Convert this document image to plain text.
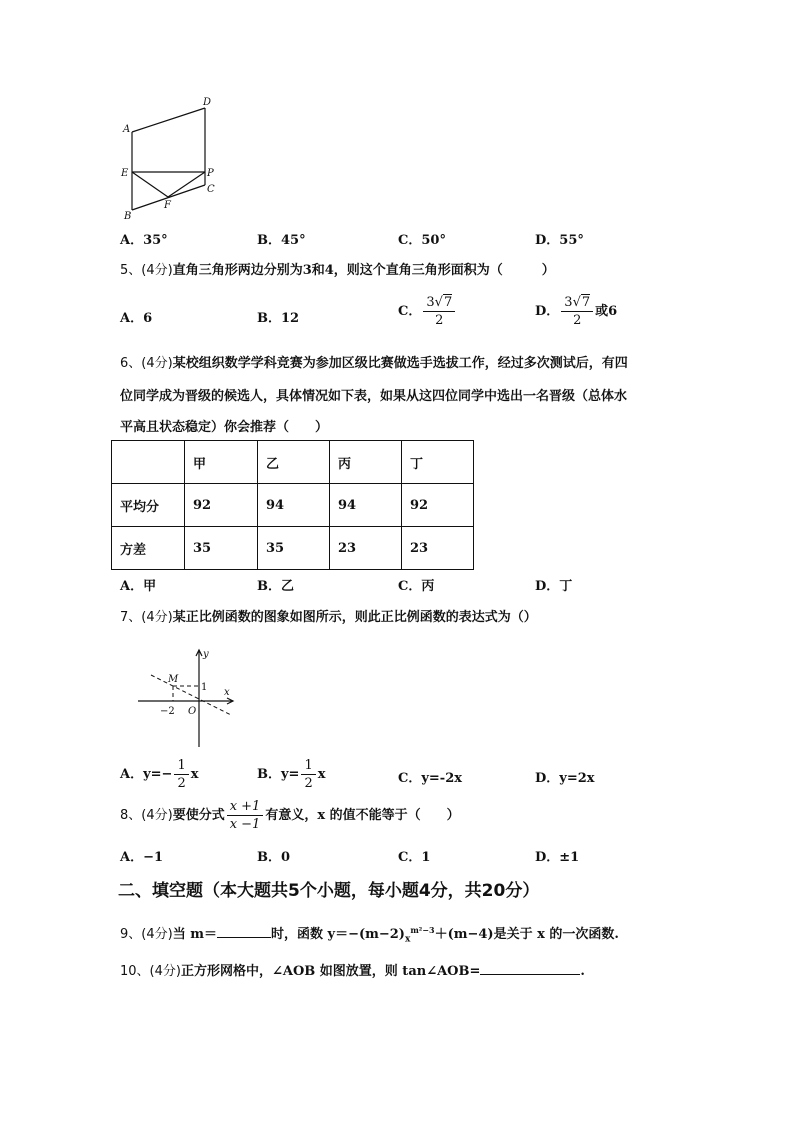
A
D
E	P
C
B
F
A．35°	B．45°	C．50°	D．55°
5、(4分)直角三角形两边分别为3和4，则这个直角三角形面积为（　　　）
A．6	B．12	C． $\frac{3√7}{2}$	D． $\frac{3√7}{2}$ 或6
6、(4分)某校组织数学学科竞赛为参加区级比赛做选手选拔工作，经过多次测试后，有四
位同学成为晋级的候选人，具体情况如下表，如果从这四位同学中选出一名晋级（总体水
平高且状态稳定）你会推荐（　　）
	甲	乙	丙	丁
平均分	92	94	94	92
方差	35	35	23	23
A．甲	B．乙	C．丙	D．丁
7、(4分)某正比例函数的图象如图所示，则此正比例函数的表达式为（）
y
x
M
1
−2 O
A．$y=- \frac{1}{2}$ x	B．$y= \frac{1}{2}$ x	C．y=-2x	D．y=2x
8、(4分)要使分式 $\frac{x +1}{x -1}$ 有意义，x 的值不能等于（　　）
A．−1	B．0	C．1	D．±1
二、填空题（本大题共5个小题，每小题4分，共20分）
9、(4分)当 m＝	时，函数 $y=-(m-2)_x^{m^2-3}+(m-4)$是关于 x 的一次函数.
10、(4分)正方形网格中，∠AOB 如图放置，则 tan∠AOB=	.
